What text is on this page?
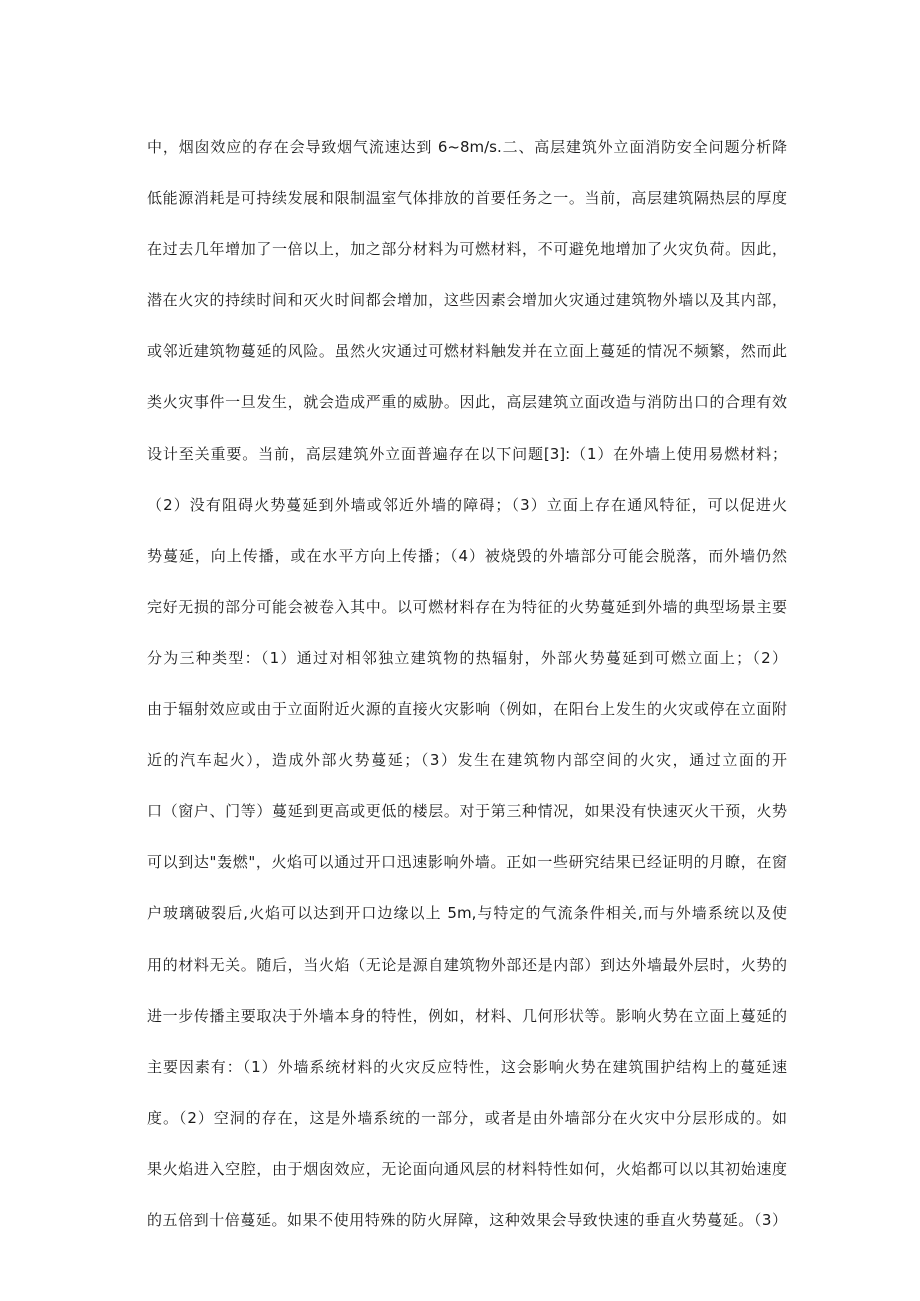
中，烟囱效应的存在会导致烟气流速达到 6~8m∕s.二、高层建筑外立面消防安全问题分析降
低能源消耗是可持续发展和限制温室气体排放的首要任务之一。当前，高层建筑隔热层的厚度
在过去几年增加了一倍以上，加之部分材料为可燃材料，不可避免地增加了火灾负荷。因此，
潜在火灾的持续时间和灭火时间都会增加，这些因素会增加火灾通过建筑物外墙以及其内部，
或邻近建筑物蔓延的风险。虽然火灾通过可燃材料触发并在立面上蔓延的情况不频繁，然而此
类火灾事件一旦发生，就会造成严重的威胁。因此，高层建筑立面改造与消防出口的合理有效
设计至关重要。当前，高层建筑外立面普遍存在以下问题[3]:（1）在外墙上使用易燃材料；
（2）没有阻碍火势蔓延到外墙或邻近外墙的障碍；（3）立面上存在通风特征，可以促进火
势蔓延，向上传播，或在水平方向上传播；（4）被烧毁的外墙部分可能会脱落，而外墙仍然
完好无损的部分可能会被卷入其中。以可燃材料存在为特征的火势蔓延到外墙的典型场景主要
分为三种类型：（1）通过对相邻独立建筑物的热辐射，外部火势蔓延到可燃立面上；（2）
由于辐射效应或由于立面附近火源的直接火灾影响（例如，在阳台上发生的火灾或停在立面附
近的汽车起火），造成外部火势蔓延；（3）发生在建筑物内部空间的火灾，通过立面的开
口（窗户、门等）蔓延到更高或更低的楼层。对于第三种情况，如果没有快速灭火干预，火势
可以到达"轰燃"，火焰可以通过开口迅速影响外墙。正如一些研究结果已经证明的月瞭，在窗
户玻璃破裂后,火焰可以达到开口边缘以上 5m,与特定的气流条件相关,而与外墙系统以及使
用的材料无关。随后，当火焰（无论是源自建筑物外部还是内部）到达外墙最外层时，火势的
进一步传播主要取决于外墙本身的特性，例如，材料、几何形状等。影响火势在立面上蔓延的
主要因素有：（1）外墙系统材料的火灾反应特性，这会影响火势在建筑围护结构上的蔓延速
度。（2）空洞的存在，这是外墙系统的一部分，或者是由外墙部分在火灾中分层形成的。如
果火焰进入空腔，由于烟囱效应，无论面向通风层的材料特性如何，火焰都可以以其初始速度
的五倍到十倍蔓延。如果不使用特殊的防火屏障，这种效果会导致快速的垂直火势蔓延。（3）
